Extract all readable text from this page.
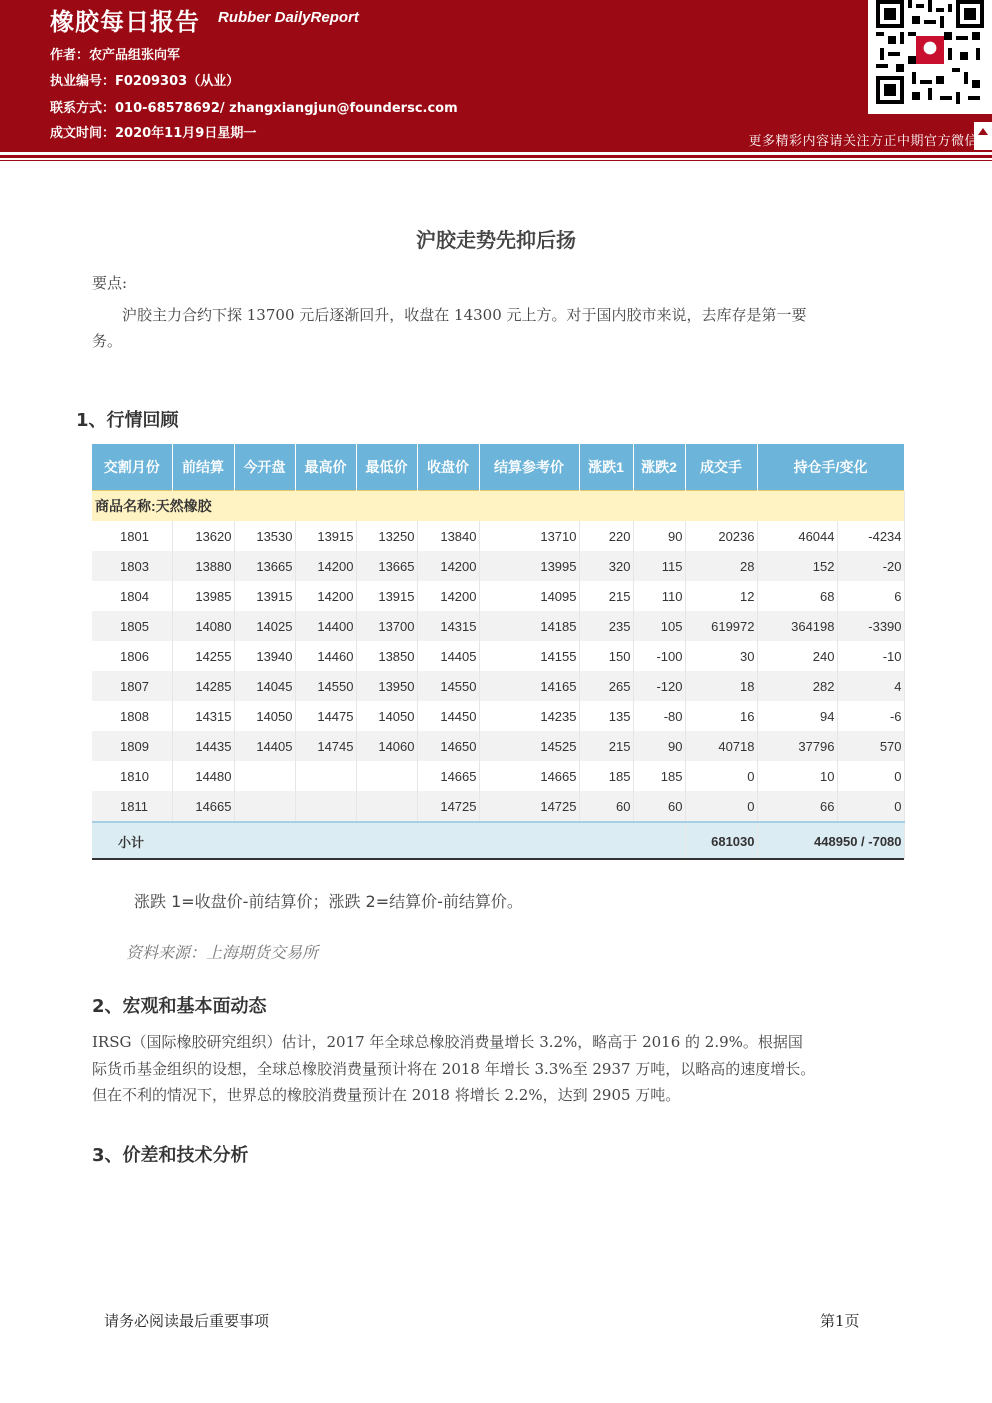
橡胶每日报告 Rubber DailyReport
作者：农产品组张向军
执业编号：F0209303（从业）
联系方式：010-68578692/ zhangxiangjun@foundersc.com
成文时间：2020年11月9日星期一
更多精彩内容请关注方正中期官方微信
沪胶走势先抑后扬
要点:
沪胶主力合约下探 13700 元后逐渐回升，收盘在 14300 元上方。对于国内胶市来说，去库存是第一要
务。
1、行情回顾
交割月份	前结算	今开盘	最高价	最低价	收盘价	结算参考价	涨跌1	涨跌2	成交手	持仓手/变化	
商品名称:天然橡胶											
1801	13620	13530	13915	13250	13840	13710	220	90	20236	46044	-4234
1803	13880	13665	14200	13665	14200	13995	320	115	28	152	-20
1804	13985	13915	14200	13915	14200	14095	215	110	12	68	6
1805	14080	14025	14400	13700	14315	14185	235	105	619972	364198	-3390
1806	14255	13940	14460	13850	14405	14155	150	-100	30	240	-10
1807	14285	14045	14550	13950	14550	14165	265	-120	18	282	4
1808	14315	14050	14475	14050	14450	14235	135	-80	16	94	-6
1809	14435	14405	14745	14060	14650	14525	215	90	40718	37796	570
1810	14480				14665	14665	185	185	0	10	0
1811	14665				14725	14725	60	60	0	66	0
小计									681030	448950 / -7080	
涨跌 1=收盘价-前结算价；涨跌 2=结算价-前结算价。
资料来源：上海期货交易所
2、宏观和基本面动态
IRSG（国际橡胶研究组织）估计，2017 年全球总橡胶消费量增长 3.2%，略高于 2016 的 2.9%。根据国
际货币基金组织的设想，全球总橡胶消费量预计将在 2018 年增长 3.3%至 2937 万吨，以略高的速度增长。
但在不利的情况下，世界总的橡胶消费量预计在 2018 将增长 2.2%，达到 2905 万吨。
3、价差和技术分析
请务必阅读最后重要事项	第1页
